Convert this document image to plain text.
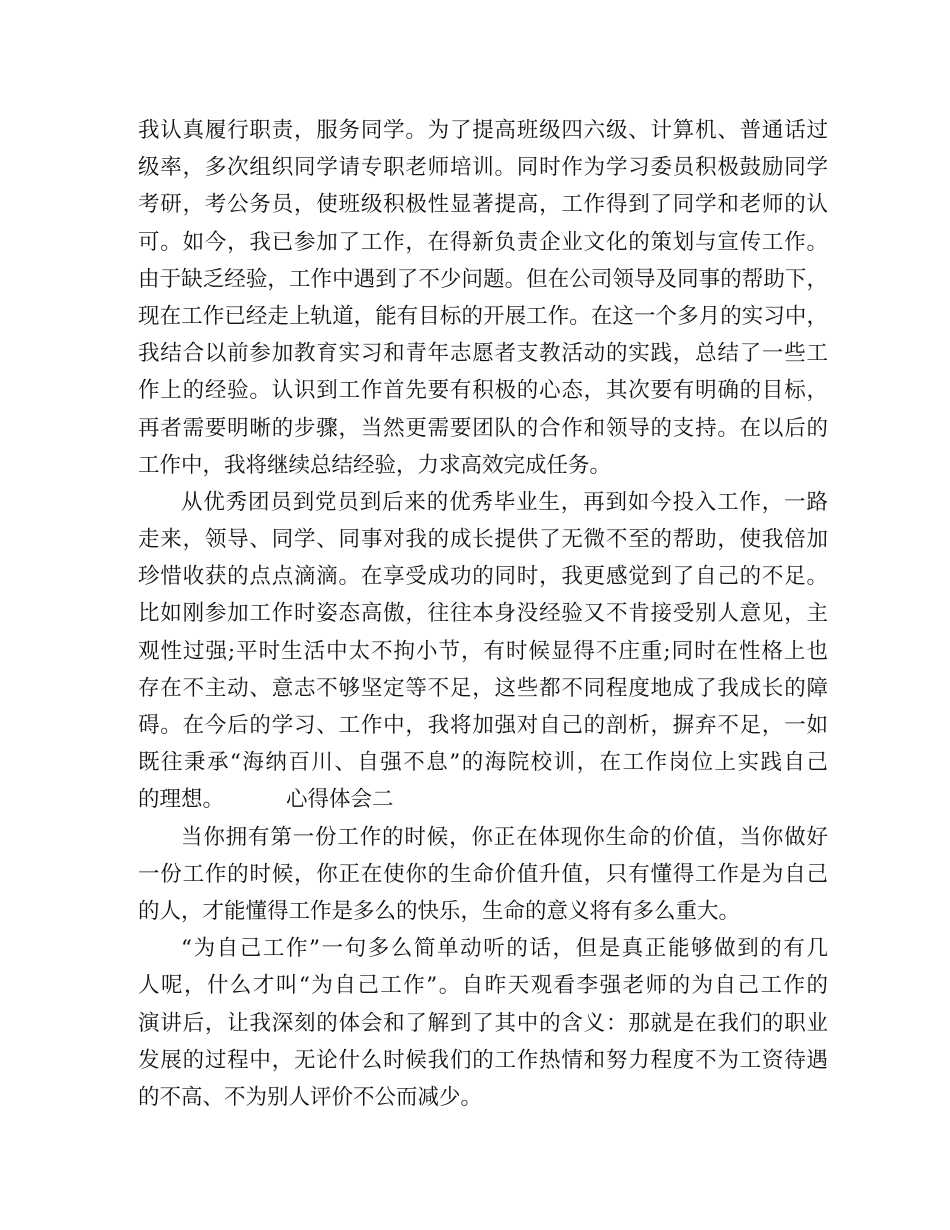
我认真履行职责，服务同学。为了提高班级四六级、计算机、普通话过
级率，多次组织同学请专职老师培训。同时作为学习委员积极鼓励同学
考研，考公务员，使班级积极性显著提高，工作得到了同学和老师的认
可。如今，我已参加了工作，在得新负责企业文化的策划与宣传工作。
由于缺乏经验，工作中遇到了不少问题。但在公司领导及同事的帮助下，
现在工作已经走上轨道，能有目标的开展工作。在这一个多月的实习中，
我结合以前参加教育实习和青年志愿者支教活动的实践，总结了一些工
作上的经验。认识到工作首先要有积极的心态，其次要有明确的目标，
再者需要明晰的步骤，当然更需要团队的合作和领导的支持。在以后的
工作中，我将继续总结经验，力求高效完成任务。
从优秀团员到党员到后来的优秀毕业生，再到如今投入工作，一路
走来，领导、同学、同事对我的成长提供了无微不至的帮助，使我倍加
珍惜收获的点点滴滴。在享受成功的同时，我更感觉到了自己的不足。
比如刚参加工作时姿态高傲，往往本身没经验又不肯接受别人意见，主
观性过强;平时生活中太不拘小节，有时候显得不庄重;同时在性格上也
存在不主动、意志不够坚定等不足，这些都不同程度地成了我成长的障
碍。在今后的学习、工作中，我将加强对自己的剖析，摒弃不足，一如
既往秉承“海纳百川、自强不息”的海院校训，在工作岗位上实践自己
的理想。	心得体会二
当你拥有第一份工作的时候，你正在体现你生命的价值，当你做好
一份工作的时候，你正在使你的生命价值升值，只有懂得工作是为自己
的人，才能懂得工作是多么的快乐，生命的意义将有多么重大。
“为自己工作”一句多么简单动听的话，但是真正能够做到的有几
人呢，什么才叫“为自己工作”。自昨天观看李强老师的为自己工作的
演讲后，让我深刻的体会和了解到了其中的含义：那就是在我们的职业
发展的过程中，无论什么时候我们的工作热情和努力程度不为工资待遇
的不高、不为别人评价不公而减少。
